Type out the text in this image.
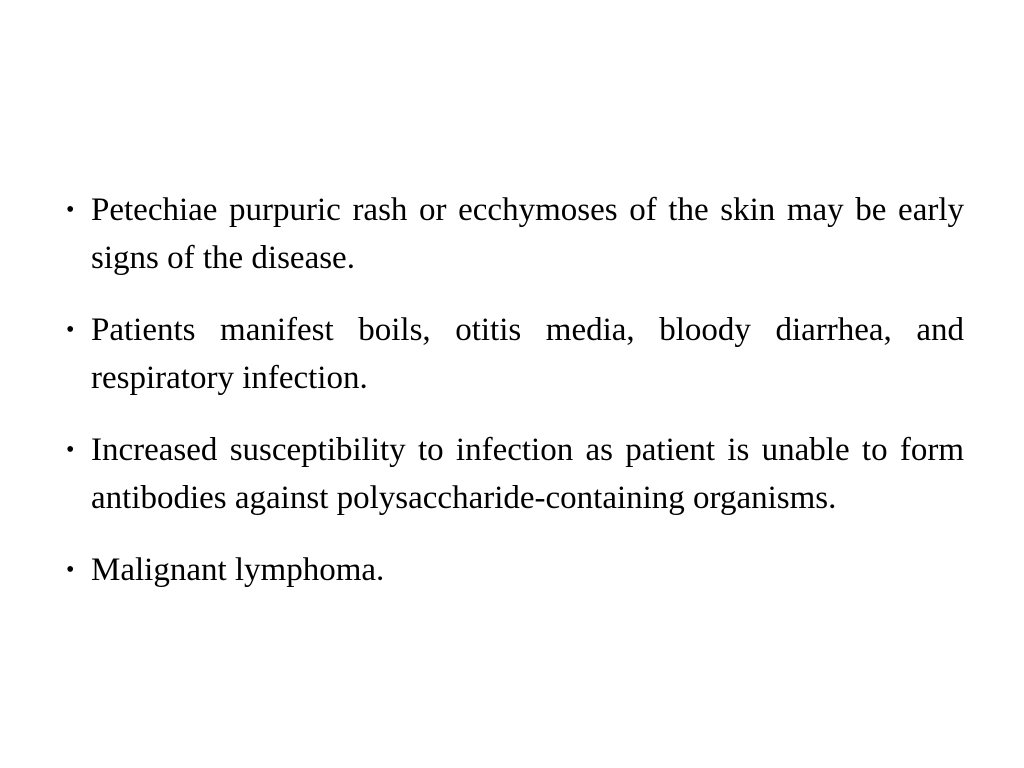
• Petechiae purpuric rash or ecchymoses of the skin may be early signs of the disease.
• Patients manifest boils, otitis media, bloody diarrhea, and respiratory infection.
• Increased susceptibility to infection as patient is unable to form antibodies against polysaccharide-containing organisms.
• Malignant lymphoma.
